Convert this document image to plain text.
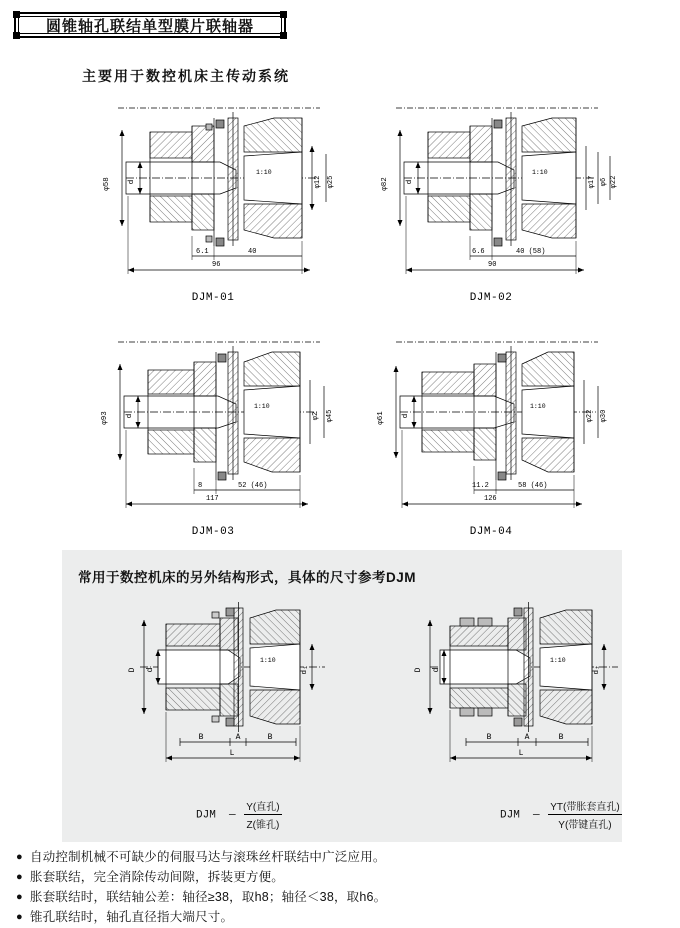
圆锥轴孔联结单型膜片联轴器
主要用于数控机床主传动系统
常用于数控机床的另外结构形式，具体的尺寸参考DJM
φ58 d
1:10
φ12 φ25
6.1	40
96
DJM-01
φ82 d
1:10
φ17 φ6 φ22
6.6	40 (58)
90
DJM-02
φ93 d
1:10
φ2 φ45
8	52 (46)
117
DJM-03
φ61 d
1:10
φ22 φ30
11.2	58 (46)
126
DJM-04
D d	d₁
1:10
B	A	B
L
DJM  — $\frac{\text{Y(直孔)}}{\text{Z(锥孔)}}$
D d	d₁
1:10
B	A	B
L
DJM  — $\frac{\text{YT(带胀套直孔)}}{\text{Y(带键直孔)}}$
● 自动控制机械不可缺少的伺服马达与滚珠丝杆联结中广泛应用。
● 胀套联结，完全消除传动间隙，拆装更方便。
● 胀套联结时，联结轴公差：轴径≥38，取h8；轴径＜38，取h6。
● 锥孔联结时，轴孔直径指大端尺寸。
